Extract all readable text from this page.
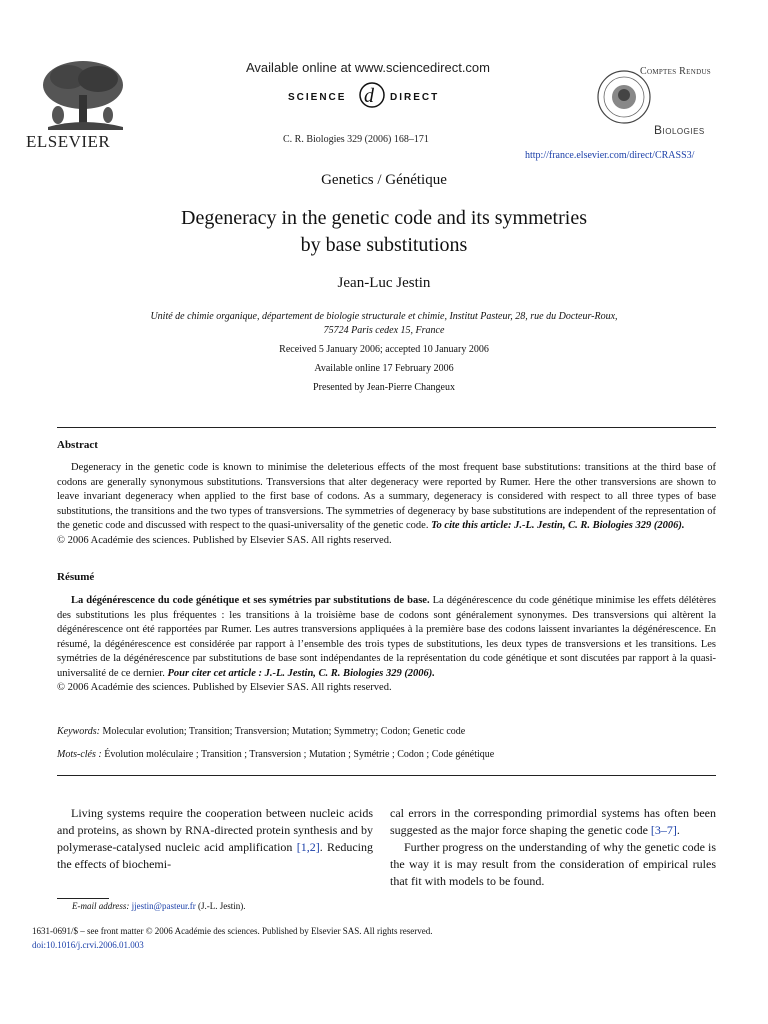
ELSEVIER
Available online at www.sciencedirect.com
SCIENCE d DIRECT
C. R. Biologies 329 (2006) 168–171
Comptes Rendus
Biologies
http://france.elsevier.com/direct/CRASS3/
Genetics / Génétique
Degeneracy in the genetic code and its symmetries
by base substitutions
Jean-Luc Jestin
Unité de chimie organique, département de biologie structurale et chimie, Institut Pasteur, 28, rue du Docteur-Roux,
75724 Paris cedex 15, France
Received 5 January 2006; accepted 10 January 2006
Available online 17 February 2006
Presented by Jean-Pierre Changeux
Abstract

Degeneracy in the genetic code is known to minimise the deleterious effects of the most frequent base substitutions: transitions at the third base of codons are generally synonymous substitutions. Transversions that alter degeneracy were reported by Rumer. Here the other transversions are shown to leave invariant degeneracy when applied to the first base of codons. As a summary, degeneracy is considered with respect to all three types of base substitutions, the transitions and the two types of transversions. The symmetries of degeneracy by base substitutions are independent of the representation of the genetic code and discussed with respect to the quasi-universality of the genetic code. To cite this article: J.-L. Jestin, C. R. Biologies 329 (2006).

© 2006 Académie des sciences. Published by Elsevier SAS. All rights reserved.
Résumé

La dégénérescence du code génétique et ses symétries par substitutions de base. La dégénérescence du code génétique minimise les effets délétères des substitutions les plus fréquentes : les transitions à la troisième base de codons sont généralement synonymes. Des transversions qui altèrent la dégénérescence ont été rapportées par Rumer. Les autres transversions appliquées à la première base des codons laissent invariantes la dégénérescence. En résumé, la dégénérescence est considérée par rapport à l’ensemble des trois types de substitutions, les deux types de transversions et les transitions. Les symétries de la dégénérescence par substitutions de base sont indépendantes de la représentation du code génétique et sont discutées par rapport à la quasi-universalité de ce dernier. Pour citer cet article : J.-L. Jestin, C. R. Biologies 329 (2006).

© 2006 Académie des sciences. Published by Elsevier SAS. All rights reserved.
Keywords: Molecular evolution; Transition; Transversion; Mutation; Symmetry; Codon; Genetic code
Mots-clés : Évolution moléculaire ; Transition ; Transversion ; Mutation ; Symétrie ; Codon ; Code génétique

Living systems require the cooperation between nucleic acids and proteins, as shown by RNA-directed protein synthesis and by polymerase-catalysed nucleic acid amplification [1,2]. Reducing the effects of biochemi-

cal errors in the corresponding primordial systems has often been suggested as the major force shaping the genetic code [3–7].

Further progress on the understanding of why the genetic code is the way it is may result from the consideration of empirical rules that fit with models to be found.

E-mail address: jjestin@pasteur.fr (J.-L. Jestin).
1631-0691/$ – see front matter © 2006 Académie des sciences. Published by Elsevier SAS. All rights reserved.
doi:10.1016/j.crvi.2006.01.003
